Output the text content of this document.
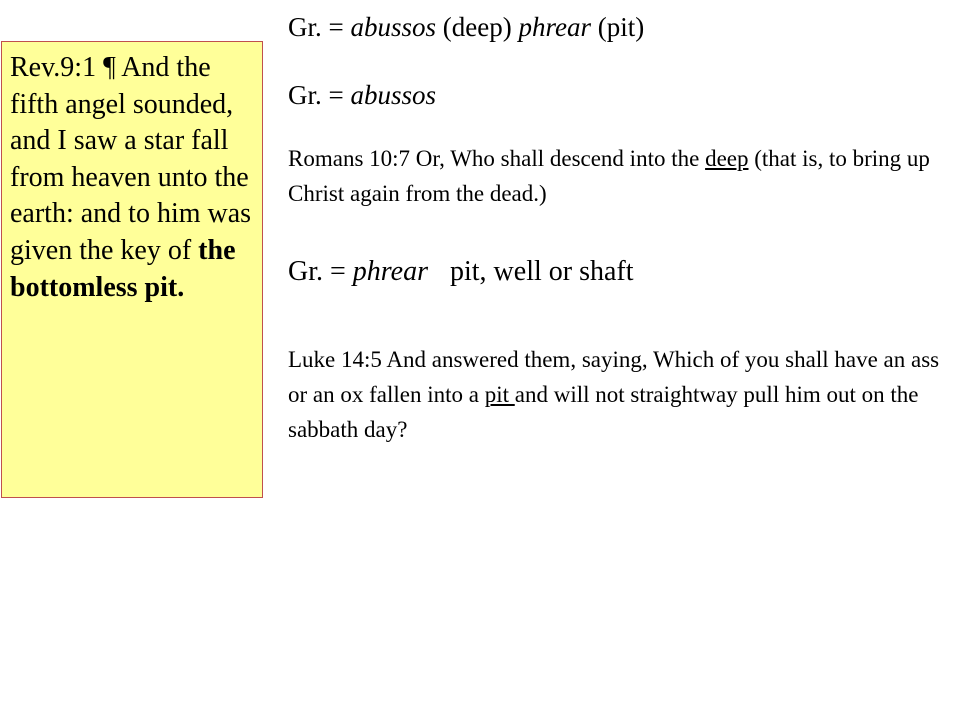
Rev.9:1 ¶ And the fifth angel sounded, and I saw a star fall from heaven unto the earth: and to him was given the key of the bottomless pit.
Gr. = abussos (deep) phrear (pit)
Gr. = abussos
Romans 10:7 Or, Who shall descend into the deep (that is, to bring up Christ again from the dead.)
Gr. = phrear pit, well or shaft
Luke 14:5 And answered them, saying, Which of you shall have an ass or an ox fallen into a pit and will not straightway pull him out on the sabbath day?
